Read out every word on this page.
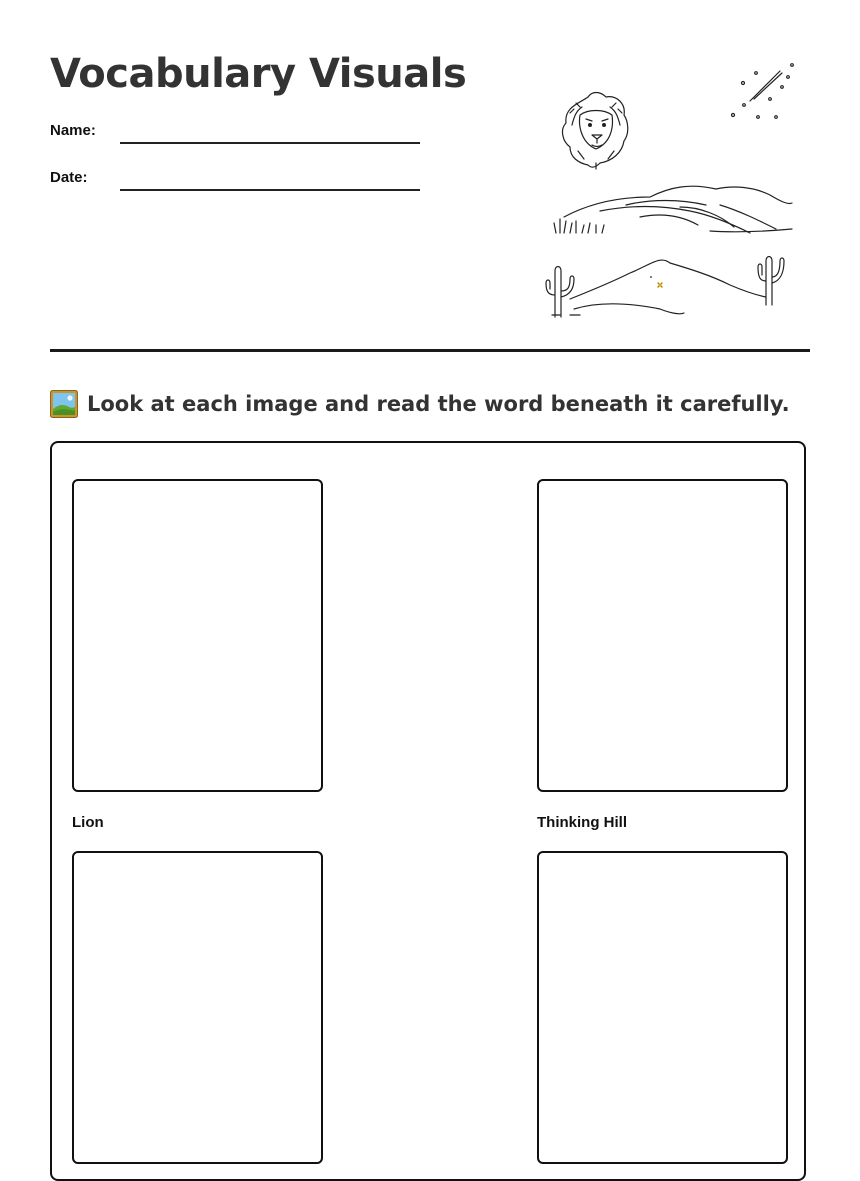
Vocabulary Visuals
Name:
Date:
Look at each image and read the word beneath it carefully.
Lion	Thinking Hill
